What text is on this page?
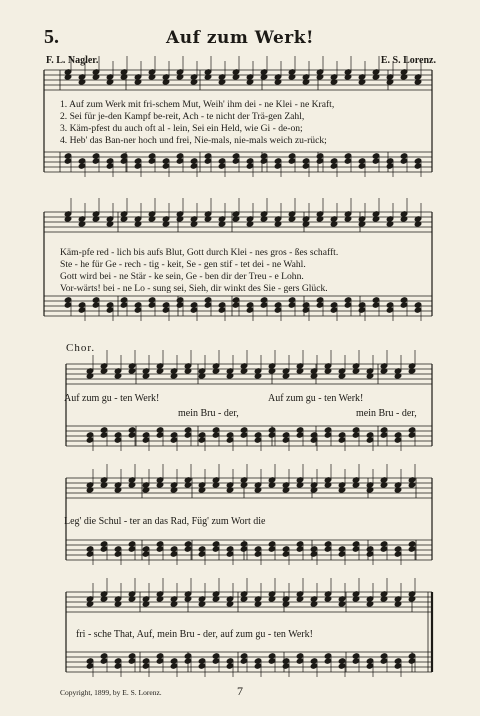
5.	Auf zum Werk!
F. L. Nagler.	E. S. Lorenz.
1. Auf zum Werk mit fri-schem Mut, Weih' ihm dei - ne Klei - ne Kraft,
2. Sei für je-den Kampf be-reit, Ach - te nicht der Trä-gen Zahl,
3. Käm-pfest du auch oft al - lein, Sei ein Held, wie Gi - de-on;
4. Heb' das Ban-ner hoch und frei, Nie-mals, nie-mals weich zu-rück;
Käm-pfe red - lich bis aufs Blut, Gott durch Klei - nes gros - ßes schafft.
Ste - he für Ge - rech - tig - keit, Se - gen stif - tet dei - ne Wahl.
Gott wird bei - ne Stär - ke sein, Ge - ben dir der Treu - e Lohn.
Vor-wärts! bei - ne Lo - sung sei, Sieh, dir winkt des Sie - gers Glück.
Chor.
Auf zum gu - ten Werk!	Auf zum gu - ten Werk!
mein Bru - der,	mein Bru - der,
Leg' die Schul - ter an das Rad, Füg' zum Wort die
fri - sche That, Auf, mein Bru - der, auf zum gu - ten Werk!
Copyright, 1899, by E. S. Lorenz.	7
